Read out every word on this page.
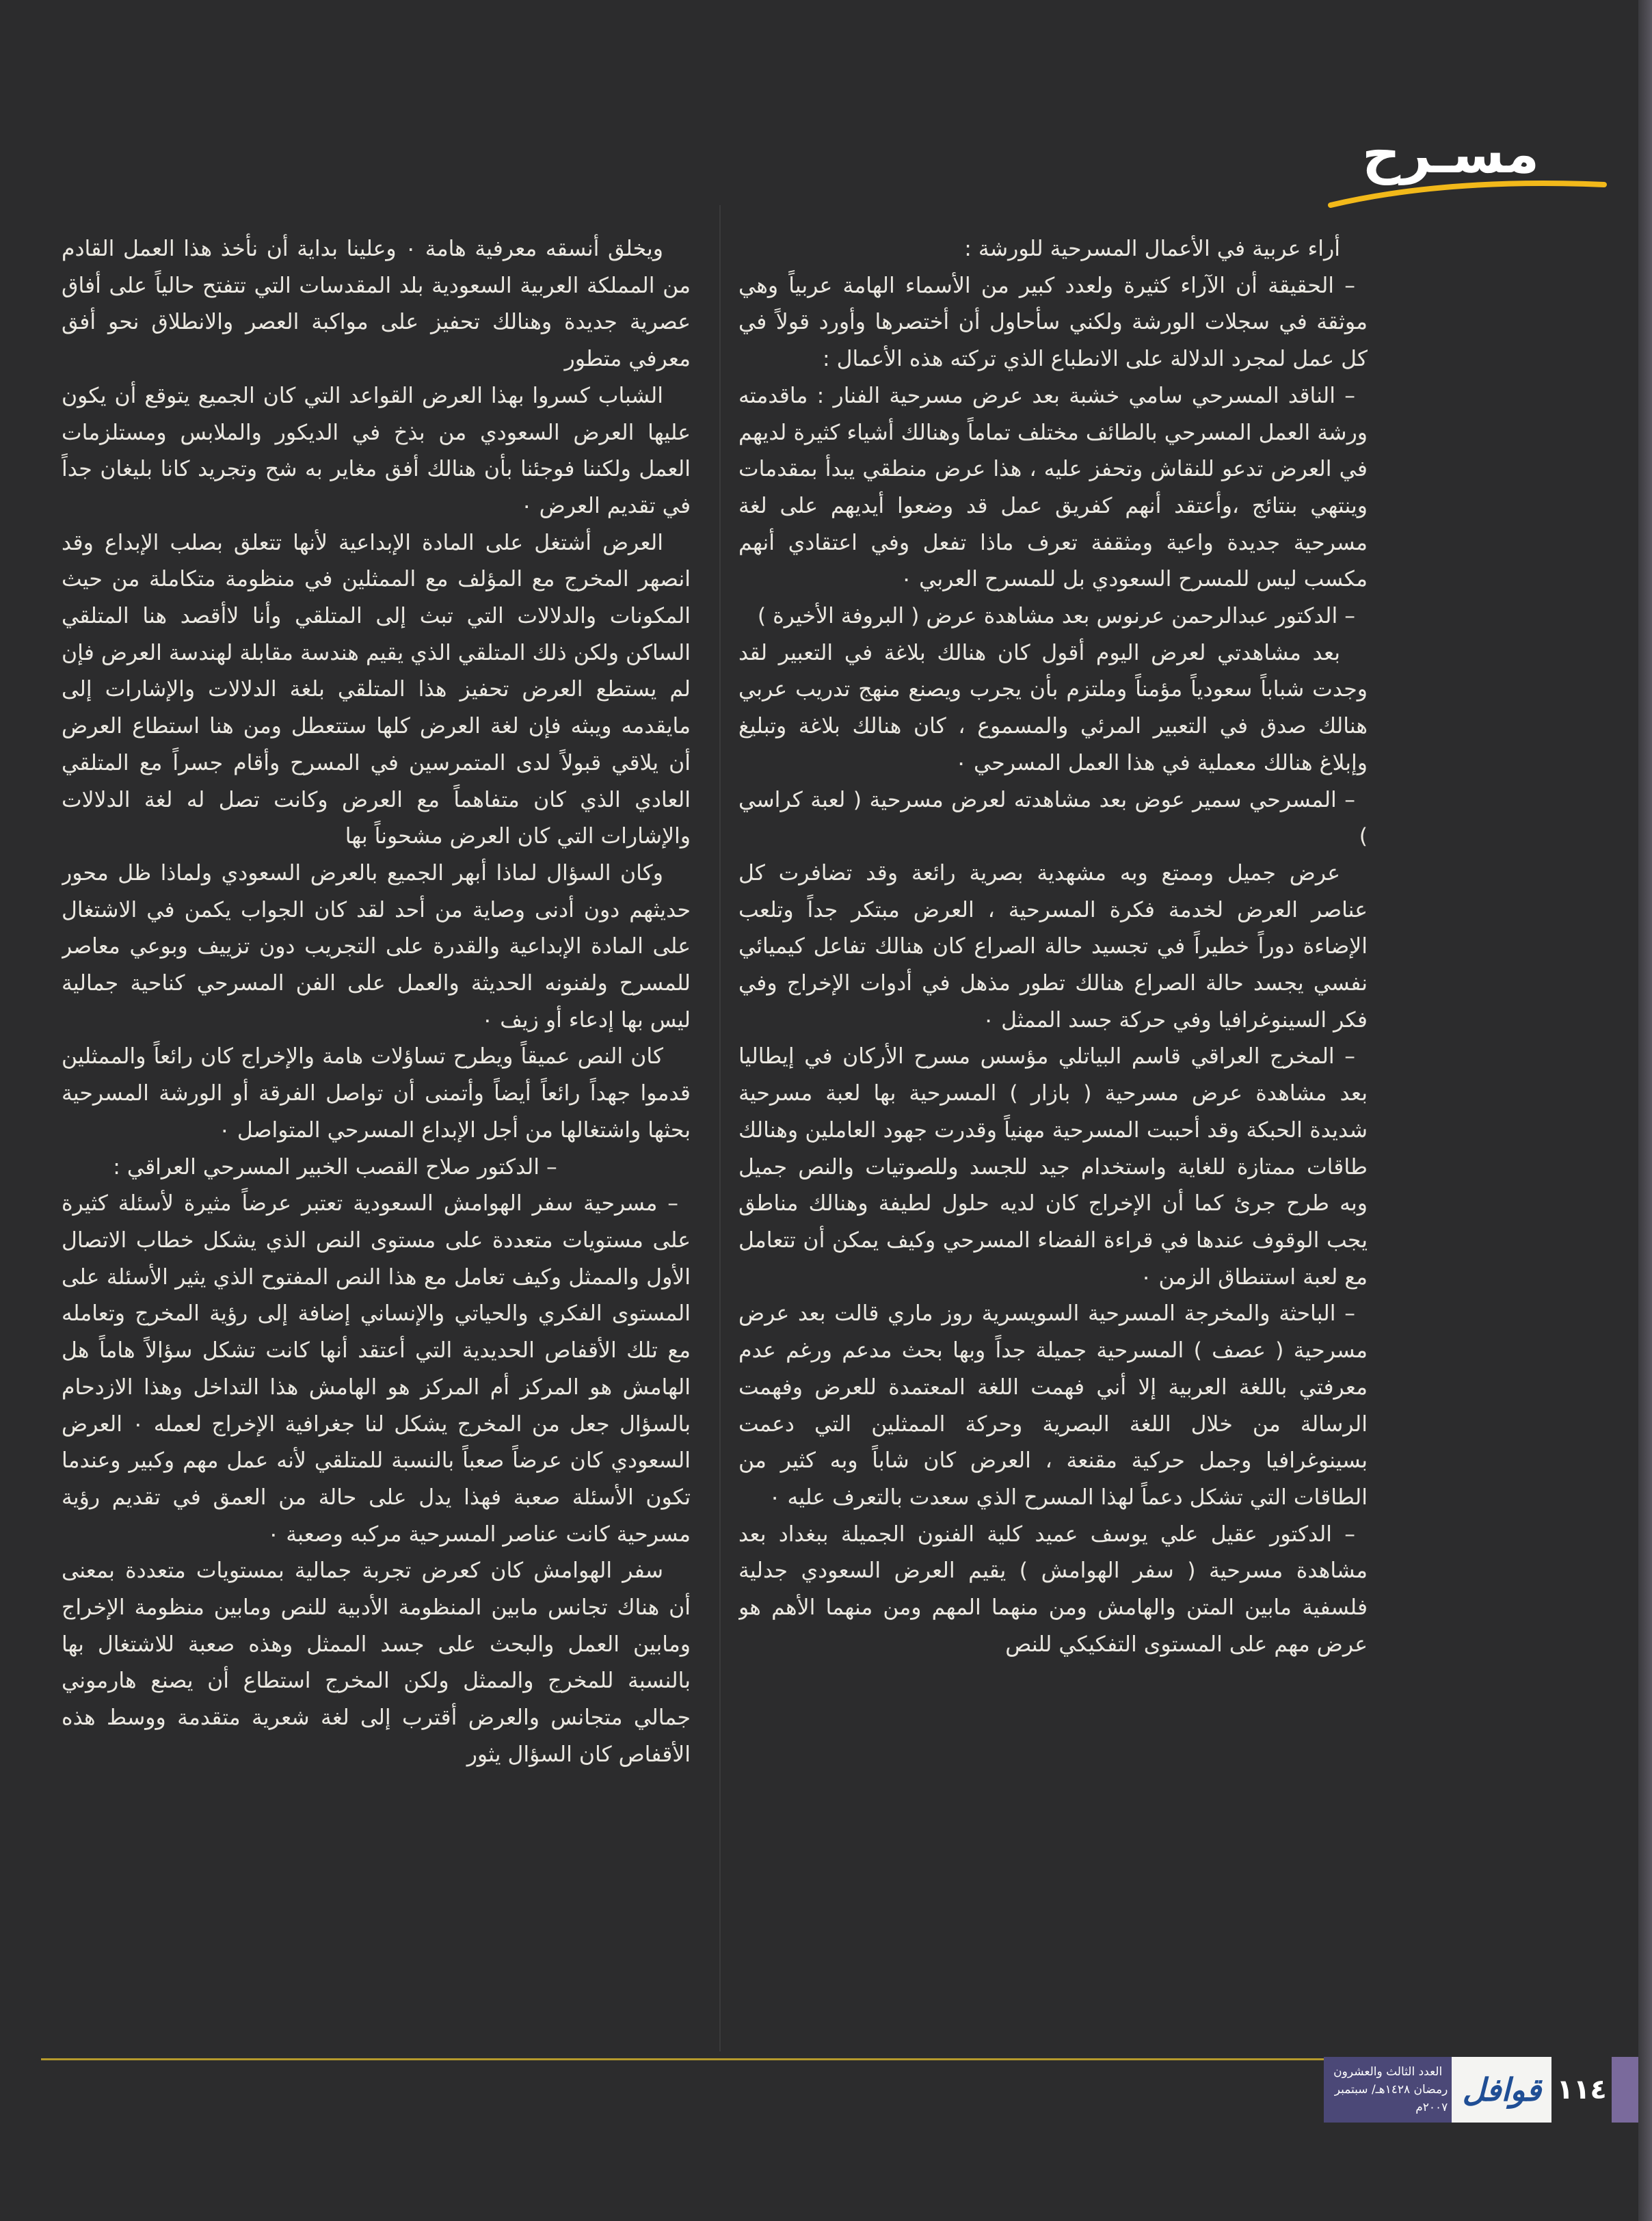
مسـرح

أراء عربية في الأعمال المسرحية للورشة :

– الحقيقة أن الآراء كثيرة ولعدد كبير من الأسماء الهامة عربياً وهي موثقة في سجلات الورشة ولكني سأحاول أن أختصرها وأورد قولاً في كل عمل لمجرد الدلالة على الانطباع الذي تركته هذه الأعمال :

– الناقد المسرحي سامي خشبة بعد عرض مسرحية الفنار : ماقدمته ورشة العمل المسرحي بالطائف مختلف تماماً وهنالك أشياء كثيرة لديهم في العرض تدعو للنقاش وتحفز عليه ، هذا عرض منطقي يبدأ بمقدمات وينتهي بنتائج ،وأعتقد أنهم كفريق عمل قد وضعوا أيديهم على لغة مسرحية جديدة واعية ومثقفة تعرف ماذا تفعل وفي اعتقادي أنهم مكسب ليس للمسرح السعودي بل للمسرح العربي ٠

– الدكتور عبدالرحمن عرنوس بعد مشاهدة عرض ( البروفة الأخيرة )

بعد مشاهدتي لعرض اليوم أقول كان هنالك بلاغة في التعبير لقد وجدت شباباً سعودياً مؤمناً وملتزم بأن يجرب ويصنع منهج تدريب عربي هنالك صدق في التعبير المرئي والمسموع ، كان هنالك بلاغة وتبليغ وإبلاغ هنالك معملية في هذا العمل المسرحي ٠

– المسرحي سمير عوض بعد مشاهدته لعرض مسرحية ( لعبة كراسي )

عرض جميل وممتع وبه مشهدية بصرية رائعة وقد تضافرت كل عناصر العرض لخدمة فكرة المسرحية ، العرض مبتكر جداً وتلعب الإضاءة دوراً خطيراً في تجسيد حالة الصراع كان هنالك تفاعل كيميائي نفسي يجسد حالة الصراع هنالك تطور مذهل في أدوات الإخراج وفي فكر السينوغرافيا وفي حركة جسد الممثل ٠

– المخرج العراقي قاسم البياتلي مؤسس مسرح الأركان في إيطاليا بعد مشاهدة عرض مسرحية ( بازار ) المسرحية بها لعبة مسرحية شديدة الحبكة وقد أحببت المسرحية مهنياً وقدرت جهود العاملين وهنالك طاقات ممتازة للغاية واستخدام جيد للجسد وللصوتيات والنص جميل وبه طرح جرئ كما أن الإخراج كان لديه حلول لطيفة وهنالك مناطق يجب الوقوف عندها في قراءة الفضاء المسرحي وكيف يمكن أن تتعامل مع لعبة استنطاق الزمن ٠

– الباحثة والمخرجة المسرحية السويسرية روز ماري قالت بعد عرض مسرحية ( عصف ) المسرحية جميلة جداً وبها بحث مدعم ورغم عدم معرفتي باللغة العربية إلا أني فهمت اللغة المعتمدة للعرض وفهمت الرسالة من خلال اللغة البصرية وحركة الممثلين التي دعمت بسينوغرافيا وجمل حركية مقنعة ، العرض كان شاباً وبه كثير من الطاقات التي تشكل دعماً لهذا المسرح الذي سعدت بالتعرف عليه ٠

– الدكتور عقيل علي يوسف عميد كلية الفنون الجميلة ببغداد بعد مشاهدة مسرحية ( سفر الهوامش ) يقيم العرض السعودي جدلية فلسفية مابين المتن والهامش ومن منهما المهم ومن منهما الأهم هو عرض مهم على المستوى التفكيكي للنص

ويخلق أنسقه معرفية هامة ٠ وعلينا بداية أن نأخذ هذا العمل القادم من المملكة العربية السعودية بلد المقدسات التي تتفتح حالياً على أفاق عصرية جديدة وهنالك تحفيز على مواكبة العصر والانطلاق نحو أفق معرفي متطور

الشباب كسروا بهذا العرض القواعد التي كان الجميع يتوقع أن يكون عليها العرض السعودي من بذخ في الديكور والملابس ومستلزمات العمل ولكننا فوجئنا بأن هنالك أفق مغاير به شح وتجريد كانا بليغان جداً في تقديم العرض ٠

العرض أشتغل على المادة الإبداعية لأنها تتعلق بصلب الإبداع وقد انصهر المخرج مع المؤلف مع الممثلين في منظومة متكاملة من حيث المكونات والدلالات التي تبث إلى المتلقي وأنا لاأقصد هنا المتلقي الساكن ولكن ذلك المتلقي الذي يقيم هندسة مقابلة لهندسة العرض فإن لم يستطع العرض تحفيز هذا المتلقي بلغة الدلالات والإشارات إلى مايقدمه ويبثه فإن لغة العرض كلها ستتعطل ومن هنا استطاع العرض أن يلاقي قبولاً لدى المتمرسين في المسرح وأقام جسراً مع المتلقي العادي الذي كان متفاهماً مع العرض وكانت تصل له لغة الدلالات والإشارات التي كان العرض مشحوناً بها

وكان السؤال لماذا أبهر الجميع بالعرض السعودي ولماذا ظل محور حديثهم دون أدنى وصاية من أحد لقد كان الجواب يكمن في الاشتغال على المادة الإبداعية والقدرة على التجريب دون تزييف وبوعي معاصر للمسرح ولفنونه الحديثة والعمل على الفن المسرحي كناحية جمالية ليس بها إدعاء أو زيف ٠

كان النص عميقاً ويطرح تساؤلات هامة والإخراج كان رائعاً والممثلين قدموا جهداً رائعاً أيضاً وأتمنى أن تواصل الفرقة أو الورشة المسرحية بحثها واشتغالها من أجل الإبداع المسرحي المتواصل ٠

– الدكتور صلاح القصب الخبير المسرحي العراقي :

– مسرحية سفر الهوامش السعودية تعتبر عرضاً مثيرة لأسئلة كثيرة على مستويات متعددة على مستوى النص الذي يشكل خطاب الاتصال الأول والممثل وكيف تعامل مع هذا النص المفتوح الذي يثير الأسئلة على المستوى الفكري والحياتي والإنساني إضافة إلى رؤية المخرج وتعامله مع تلك الأقفاص الحديدية التي أعتقد أنها كانت تشكل سؤالاً هاماً هل الهامش هو المركز أم المركز هو الهامش هذا التداخل وهذا الازدحام بالسؤال جعل من المخرج يشكل لنا جغرافية الإخراج لعمله ٠ العرض السعودي كان عرضاً صعباً بالنسبة للمتلقي لأنه عمل مهم وكبير وعندما تكون الأسئلة صعبة فهذا يدل على حالة من العمق في تقديم رؤية مسرحية كانت عناصر المسرحية مركبه وصعبة ٠

سفر الهوامش كان كعرض تجربة جمالية بمستويات متعددة بمعنى أن هناك تجانس مابين المنظومة الأدبية للنص ومابين منظومة الإخراج ومابين العمل والبحث على جسد الممثل وهذه صعبة للاشتغال بها بالنسبة للمخرج والممثل ولكن المخرج استطاع أن يصنع هارموني جمالي متجانس والعرض أقترب إلى لغة شعرية متقدمة ووسط هذه الأقفاص كان السؤال يثور

١١٤
قوافل
العدد الثالث والعشرون
رمضان ١٤٢٨هـ/ سبتمبر ٢٠٠٧م
